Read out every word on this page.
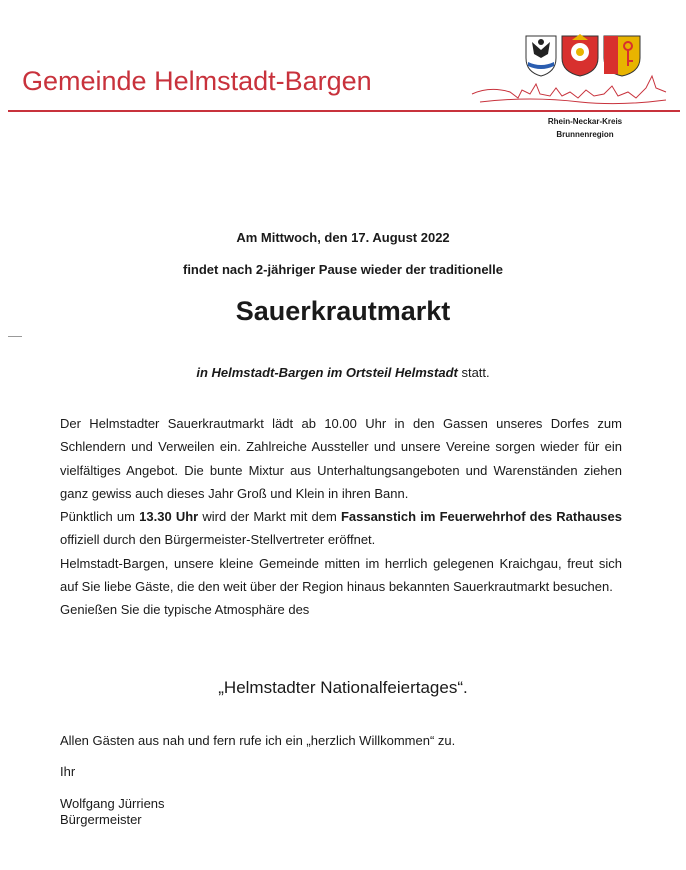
Gemeinde Helmstadt-Bargen
Rhein-Neckar-Kreis
Brunnenregion
Am Mittwoch, den 17. August 2022
findet nach 2-jähriger Pause wieder der traditionelle
Sauerkrautmarkt
in Helmstadt-Bargen im Ortsteil Helmstadt statt.

Der Helmstadter Sauerkrautmarkt lädt ab 10.00 Uhr in den Gassen unseres Dorfes zum Schlendern und Verweilen ein. Zahlreiche Aussteller und unsere Vereine sorgen wieder für ein vielfältiges Angebot. Die bunte Mixtur aus Unterhaltungsangeboten und Warenständen ziehen ganz gewiss auch dieses Jahr Groß und Klein in ihren Bann.

Pünktlich um 13.30 Uhr wird der Markt mit dem Fassanstich im Feuerwehrhof des Rathauses offiziell durch den Bürgermeister-Stellvertreter eröffnet.

Helmstadt-Bargen, unsere kleine Gemeinde mitten im herrlich gelegenen Kraichgau, freut sich auf Sie liebe Gäste, die den weit über der Region hinaus bekannten Sauerkrautmarkt besuchen.

Genießen Sie die typische Atmosphäre des

„Helmstadter Nationalfeiertages“.
Allen Gästen aus nah und fern rufe ich ein „herzlich Willkommen“ zu.
Ihr
Wolfgang Jürriens
Bürgermeister
